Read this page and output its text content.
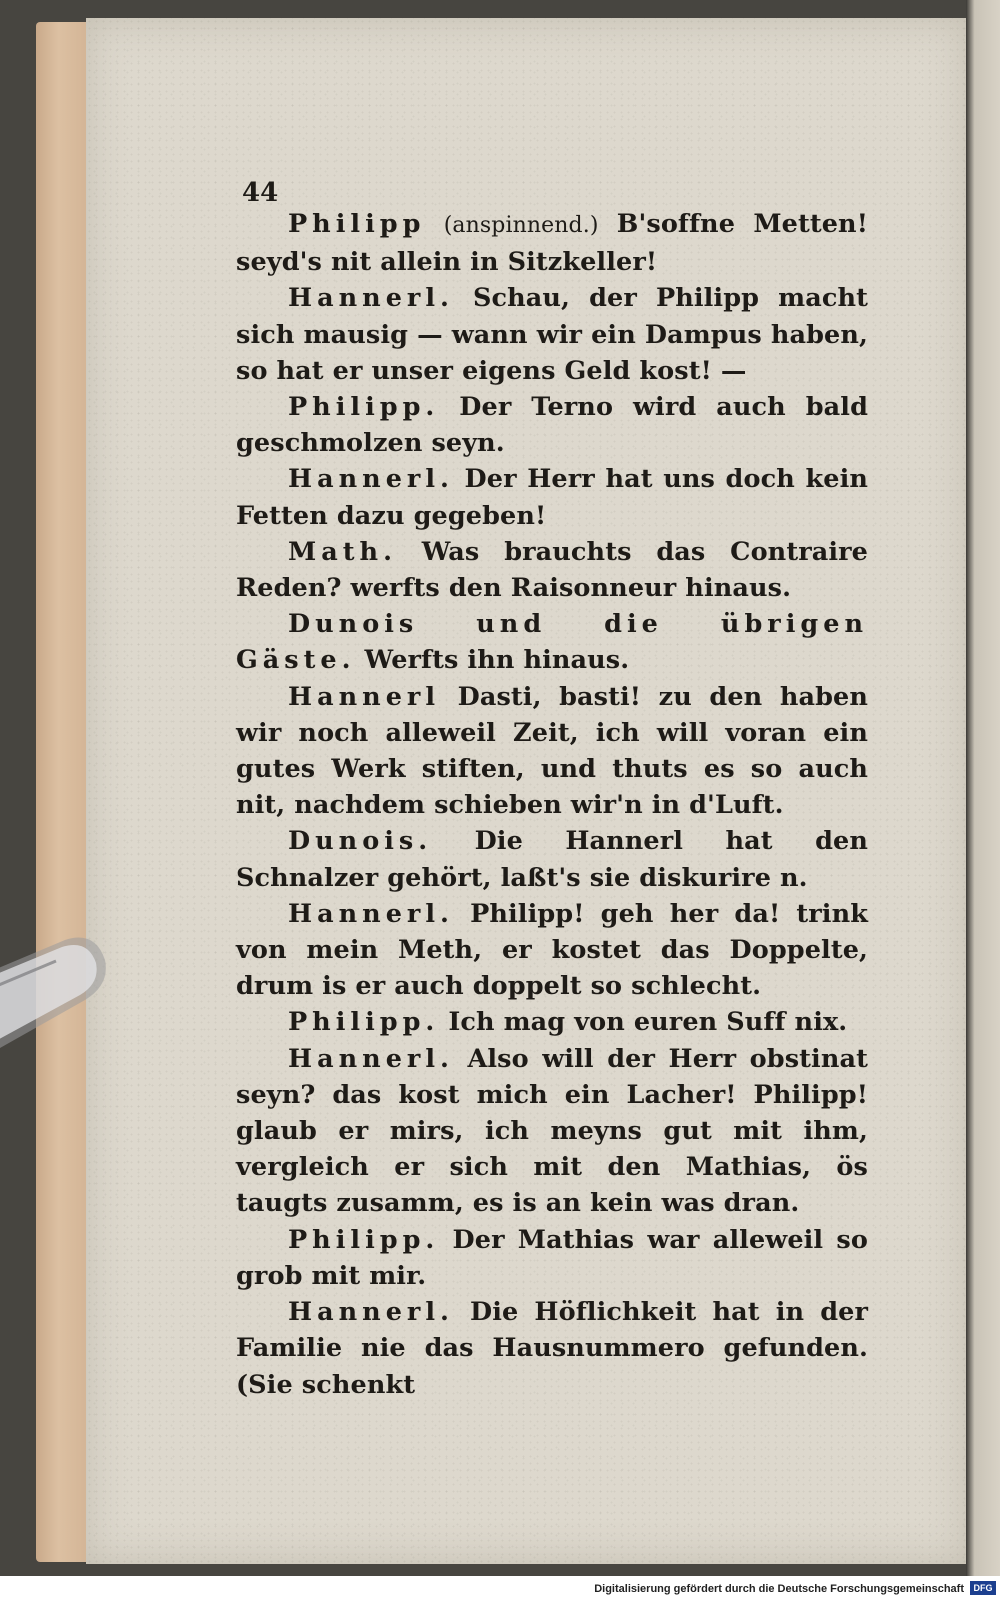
44

Philipp (anspinnend.) B'soffne Metten! seyd's nit allein in Sitzkeller!

Hannerl. Schau, der Philipp macht sich mausig — wann wir ein Dampus haben, so hat er unser eigens Geld kost! —

Philipp. Der Terno wird auch bald geschmolzen seyn.

Hannerl. Der Herr hat uns doch kein Fetten dazu gegeben!

Math. Was brauchts das Contraire Reden? werfts den Raisonneur hinaus.

Dunois und die übrigen Gäste. Werfts ihn hinaus.

Hannerl Dasti, basti! zu den haben wir noch alleweil Zeit, ich will voran ein gutes Werk stiften, und thuts es so auch nit, nachdem schieben wir'n in d'Luft.

Dunois. Die Hannerl hat den Schnalzer gehört, laßt's sie diskurire n.

Hannerl. Philipp! geh her da! trink von mein Meth, er kostet das Doppelte, drum is er auch doppelt so schlecht.

Philipp. Ich mag von euren Suff nix.

Hannerl. Also will der Herr obstinat seyn? das kost mich ein Lacher! Philipp! glaub er mirs, ich meyns gut mit ihm, vergleich er sich mit den Mathias, ös taugts zusamm, es is an kein was dran.

Philipp. Der Mathias war alleweil so grob mit mir.

Hannerl. Die Höflichkeit hat in der Familie nie das Hausnummero gefunden. (Sie schenkt

Digitalisierung gefördert durch die Deutsche Forschungsgemeinschaft	DFG
